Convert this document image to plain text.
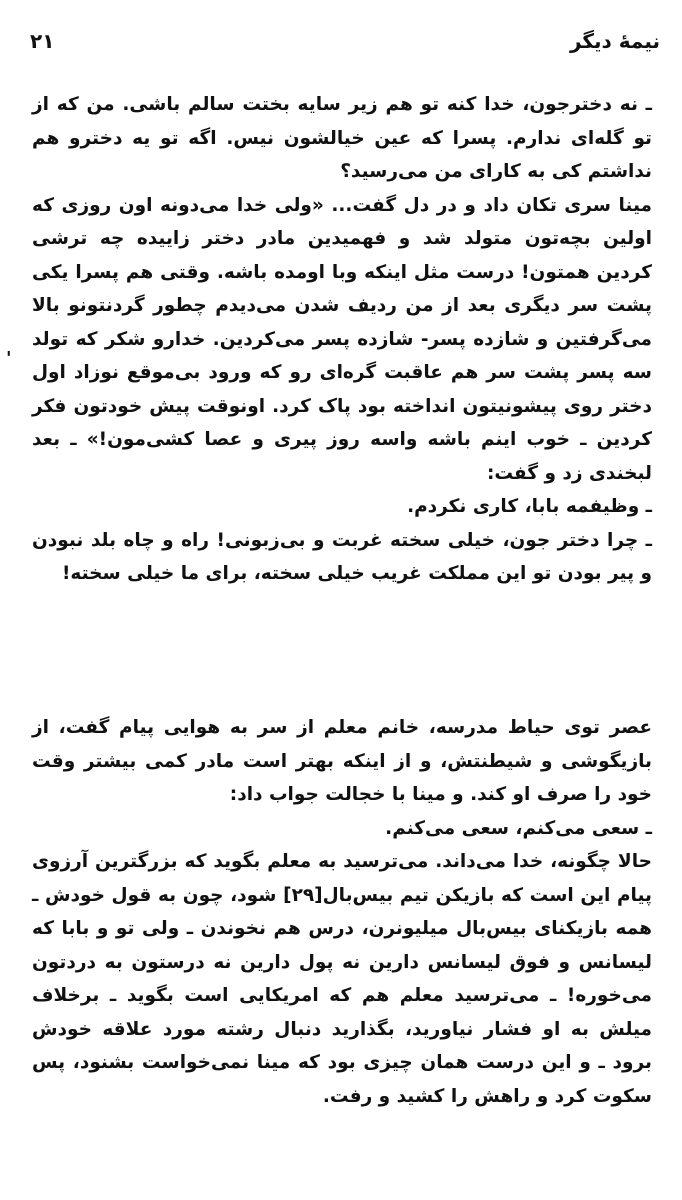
نیمهٔ دیگر
۲۱

ـ نه دخترجون، خدا کنه تو هم زیر سایه بختت سالم باشی. من که از تو گله‌ای ندارم. پسرا که عین خیالشون نیس. اگه تو یه دخترو هم نداشتم کی به کارای من می‌رسید؟

مینا سری تکان داد و در دل گفت... «ولی خدا می‌دونه اون روزی که اولین بچه‌تون متولد شد و فهمیدین مادر دختر زاییده چه ترشی کردین همتون! درست مثل اینکه وبا اومده باشه. وقتی هم پسرا یکی پشت سر دیگری بعد از من ردیف شدن می‌دیدم چطور گردنتونو بالا می‌گرفتین و شازده پسر- شازده پسر می‌کردین. خدارو شکر که تولد سه پسر پشت سر هم عاقبت گره‌ای رو که ورود بی‌موقع نوزاد اول دختر روی پیشونیتون انداخته بود پاک کرد. اونوقت پیش خودتون فکر کردین ـ خوب اینم باشه واسه روز پیری و عصا کشی‌مون!» ـ بعد لبخندی زد و گفت:

ـ وظیفمه بابا، کاری نکردم.

ـ چرا دختر جون، خیلی سخته غربت و بی‌زبونی! راه و چاه بلد نبودن و پیر بودن تو این مملکت غریب خیلی سخته، برای ما خیلی سخته!

عصر توی حیاط مدرسه، خانم معلم از سر به هوایی پیام گفت، از بازیگوشی و شیطنتش، و از اینکه بهتر است مادر کمی بیشتر وقت خود را صرف او کند. و مینا با خجالت جواب داد:

ـ سعی می‌کنم، سعی می‌کنم.

حالا چگونه، خدا می‌داند. می‌ترسید به معلم بگوید که بزرگترین آرزوی پیام این است که بازیکن تیم بیس‌بال[۲۹] شود، چون به قول خودش ـ همه بازیکنای بیس‌بال میلیونرن، درس هم نخوندن ـ ولی تو و بابا که لیسانس و فوق لیسانس دارین نه پول دارین نه درستون به دردتون می‌خوره! ـ می‌ترسید معلم هم که امریکایی است بگوید ـ برخلاف میلش به او فشار نیاورید، بگذارید دنبال رشته مورد علاقه خودش برود ـ و این درست همان چیزی بود که مینا نمی‌خواست بشنود، پس سکوت کرد و راهش را کشید و رفت.

'
